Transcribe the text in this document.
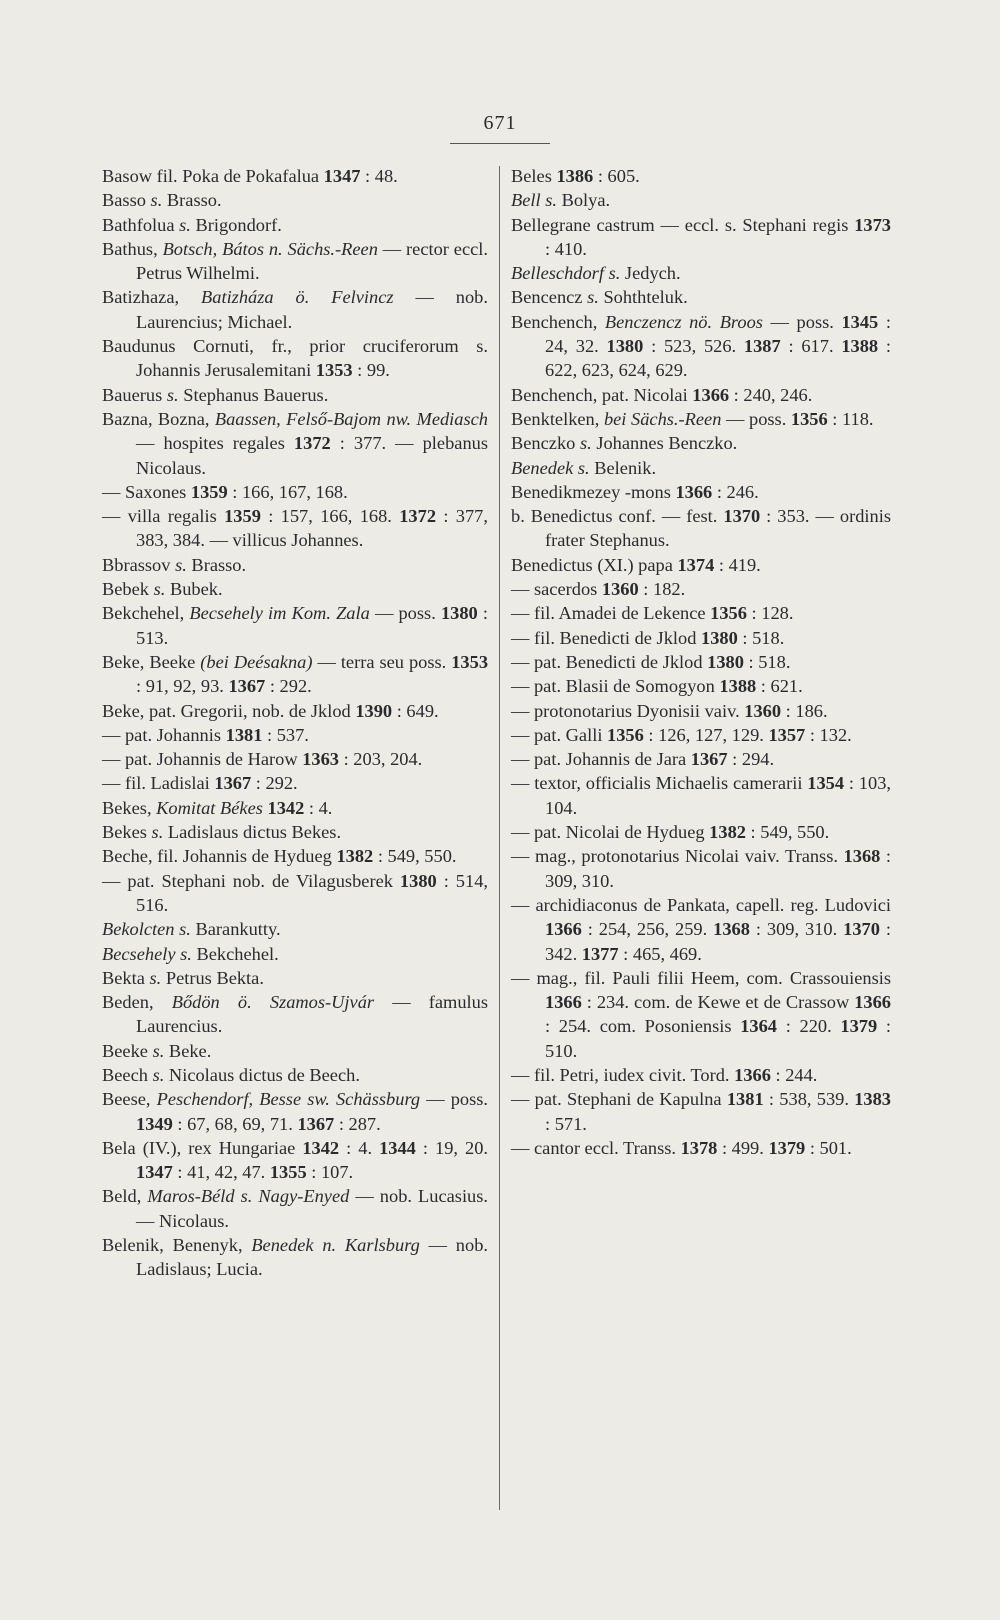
671
Basow fil. Poka de Pokafalua 1347 : 48.
Basso s. Brasso.
Bathfolua s. Brigondorf.
Bathus, Botsch, Bátos n. Sächs.-Reen — rector eccl. Petrus Wilhelmi.
Batizhaza, Batizháza ö. Felvincz — nob. Laurencius; Michael.
Baudunus Cornuti, fr., prior cruciferorum s. Johannis Jerusalemitani 1353 : 99.
Bauerus s. Stephanus Bauerus.
Bazna, Bozna, Baassen, Felső-Bajom nw. Mediasch — hospites regales 1372 : 377. — plebanus Nicolaus.
— Saxones 1359 : 166, 167, 168.
— villa regalis 1359 : 157, 166, 168. 1372 : 377, 383, 384. — villicus Johannes.
Bbrassov s. Brasso.
Bebek s. Bubek.
Bekchehel, Becsehely im Kom. Zala — poss. 1380 : 513.
Beke, Beeke (bei Deésakna) — terra seu poss. 1353 : 91, 92, 93. 1367 : 292.
Beke, pat. Gregorii, nob. de Jklod 1390 : 649.
— pat. Johannis 1381 : 537.
— pat. Johannis de Harow 1363 : 203, 204.
— fil. Ladislai 1367 : 292.
Bekes, Komitat Békes 1342 : 4.
Bekes s. Ladislaus dictus Bekes.
Beche, fil. Johannis de Hydueg 1382 : 549, 550.
— pat. Stephani nob. de Vilagusberek 1380 : 514, 516.
Bekolcten s. Barankutty.
Becsehely s. Bekchehel.
Bekta s. Petrus Bekta.
Beden, Bődön ö. Szamos-Ujvár — famulus Laurencius.
Beeke s. Beke.
Beech s. Nicolaus dictus de Beech.
Beese, Peschendorf, Besse sw. Schässburg — poss. 1349 : 67, 68, 69, 71. 1367 : 287.
Bela (IV.), rex Hungariae 1342 : 4. 1344 : 19, 20. 1347 : 41, 42, 47. 1355 : 107.
Beld, Maros-Béld s. Nagy-Enyed — nob. Lucasius. — Nicolaus.
Belenik, Benenyk, Benedek n. Karlsburg — nob. Ladislaus; Lucia.
Beles 1386 : 605.
Bell s. Bolya.
Bellegrane castrum — eccl. s. Stephani regis 1373 : 410.
Belleschdorf s. Jedych.
Bencencz s. Sohthteluk.
Benchench, Benczencz nö. Broos — poss. 1345 : 24, 32. 1380 : 523, 526. 1387 : 617. 1388 : 622, 623, 624, 629.
Benchench, pat. Nicolai 1366 : 240, 246.
Benktelken, bei Sächs.-Reen — poss. 1356 : 118.
Benczko s. Johannes Benczko.
Benedek s. Belenik.
Benedikmezey -mons 1366 : 246.
b. Benedictus conf. — fest. 1370 : 353. — ordinis frater Stephanus.
Benedictus (XI.) papa 1374 : 419.
— sacerdos 1360 : 182.
— fil. Amadei de Lekence 1356 : 128.
— fil. Benedicti de Jklod 1380 : 518.
— pat. Benedicti de Jklod 1380 : 518.
— pat. Blasii de Somogyon 1388 : 621.
— protonotarius Dyonisii vaiv. 1360 : 186.
— pat. Galli 1356 : 126, 127, 129. 1357 : 132.
— pat. Johannis de Jara 1367 : 294.
— textor, officialis Michaelis camerarii 1354 : 103, 104.
— pat. Nicolai de Hydueg 1382 : 549, 550.
— mag., protonotarius Nicolai vaiv. Transs. 1368 : 309, 310.
— archidiaconus de Pankata, capell. reg. Ludovici 1366 : 254, 256, 259. 1368 : 309, 310. 1370 : 342. 1377 : 465, 469.
— mag., fil. Pauli filii Heem, com. Crassouiensis 1366 : 234. com. de Kewe et de Crassow 1366 : 254. com. Posoniensis 1364 : 220. 1379 : 510.
— fil. Petri, iudex civit. Tord. 1366 : 244.
— pat. Stephani de Kapulna 1381 : 538, 539. 1383 : 571.
— cantor eccl. Transs. 1378 : 499. 1379 : 501.
